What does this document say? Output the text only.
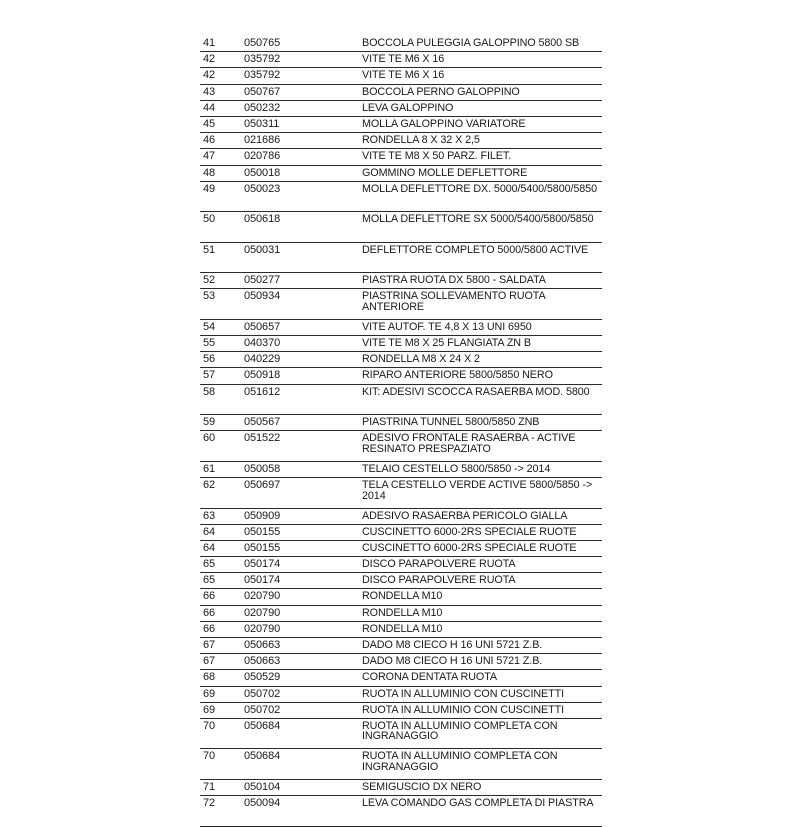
41	050765	BOCCOLA PULEGGIA GALOPPINO 5800 SB
42	035792	VITE TE M6 X 16
42	035792	VITE TE M6 X 16
43	050767	BOCCOLA PERNO GALOPPINO
44	050232	LEVA GALOPPINO
45	050311	MOLLA GALOPPINO VARIATORE
46	021686	RONDELLA 8 X 32 X 2,5
47	020786	VITE TE M8 X 50 PARZ. FILET.
48	050018	GOMMINO MOLLE DEFLETTORE
49	050023	MOLLA DEFLETTORE DX. 5000/5400/5800/5850
50	050618	MOLLA DEFLETTORE SX 5000/5400/5800/5850
51	050031	DEFLETTORE COMPLETO 5000/5800 ACTIVE
52	050277	PIASTRA RUOTA DX 5800 - SALDATA
53	050934	PIASTRINA SOLLEVAMENTO RUOTA ANTERIORE
54	050657	VITE AUTOF. TE 4,8 X 13 UNI 6950
55	040370	VITE TE M8 X 25 FLANGIATA ZN B
56	040229	RONDELLA M8 X 24 X 2
57	050918	RIPARO ANTERIORE 5800/5850 NERO
58	051612	KIT: ADESIVI SCOCCA RASAERBA MOD. 5800
59	050567	PIASTRINA TUNNEL 5800/5850 ZNB
60	051522	ADESIVO FRONTALE RASAERBA - ACTIVE RESINATO PRESPAZIATO
61	050058	TELAIO CESTELLO 5800/5850 -> 2014
62	050697	TELA CESTELLO VERDE ACTIVE 5800/5850 -> 2014
63	050909	ADESIVO RASAERBA PERICOLO GIALLA
64	050155	CUSCINETTO 6000-2RS SPECIALE RUOTE
64	050155	CUSCINETTO 6000-2RS SPECIALE RUOTE
65	050174	DISCO PARAPOLVERE RUOTA
65	050174	DISCO PARAPOLVERE RUOTA
66	020790	RONDELLA M10
66	020790	RONDELLA M10
66	020790	RONDELLA M10
67	050663	DADO M8 CIECO H 16 UNI 5721 Z.B.
67	050663	DADO M8 CIECO H 16 UNI 5721 Z.B.
68	050529	CORONA DENTATA RUOTA
69	050702	RUOTA IN ALLUMINIO CON CUSCINETTI
69	050702	RUOTA IN ALLUMINIO CON CUSCINETTI
70	050684	RUOTA IN ALLUMINIO COMPLETA CON INGRANAGGIO
70	050684	RUOTA IN ALLUMINIO COMPLETA CON INGRANAGGIO
71	050104	SEMIGUSCIO DX NERO
72	050094	LEVA COMANDO GAS COMPLETA DI PIASTRA
